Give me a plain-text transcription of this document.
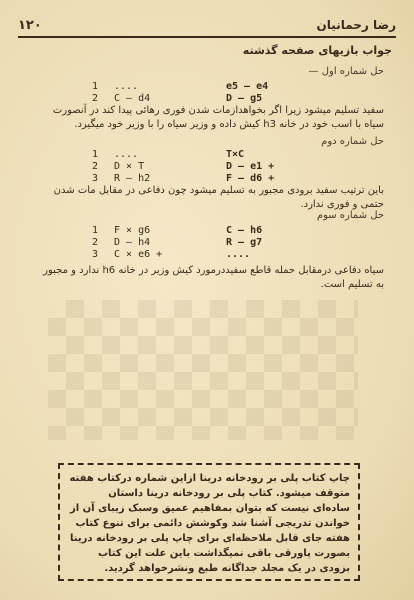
رضا رحمانیان
۱۲۰
جواب بازیهای صفحه گذشته
حل شماره اول —
1	....	e5 — e4
2	C — d4	D — g5
سفید تسلیم میشود زیرا اگر بخواهدازمات شدن فوری رهائی پیدا کند در آنصورت سیاه با اسب خود در خانه h3 کیش داده و وزیر سیاه را با وزیر خود میگیرد.
حل شماره دوم
1	....	T×C
2	D × T	D — e1 +
3	R — h2	F — d6 +
باین ترتیب سفید برودی مجبور به تسلیم میشود چون دفاعی در مقابل مات شدن حتمی و فوری ندارد.
حل شماره سوم
1	F × g6	C — h6
2	D — h4	R — g7
3	C × e6 +	....
سیاه دفاعی درمقابل حمله قاطع سفیددرمورد کیش وزیر در خانه h6 ندارد و مجبور به تسلیم است.
چاپ کتاب پلی بر رودخانه درینا ازاین شماره درکتاب هفته متوقف میشود. کتاب پلی بر رودخانه درینا داستان ساده‌ای نیست که بتوان بمفاهیم عمیق وسبک زیبای آن از خواندن تدریجی آشنا شد وکوشش دائمی برای تنوع کتاب هفته جای قابل ملاحظه‌ای برای چاپ پلی بر رودخانه درینا بصورت پاورقی باقی نمیگذاشت باین علت این کتاب بزودی در یک مجلد جداگانه طبع ونشرخواهد گردید.
